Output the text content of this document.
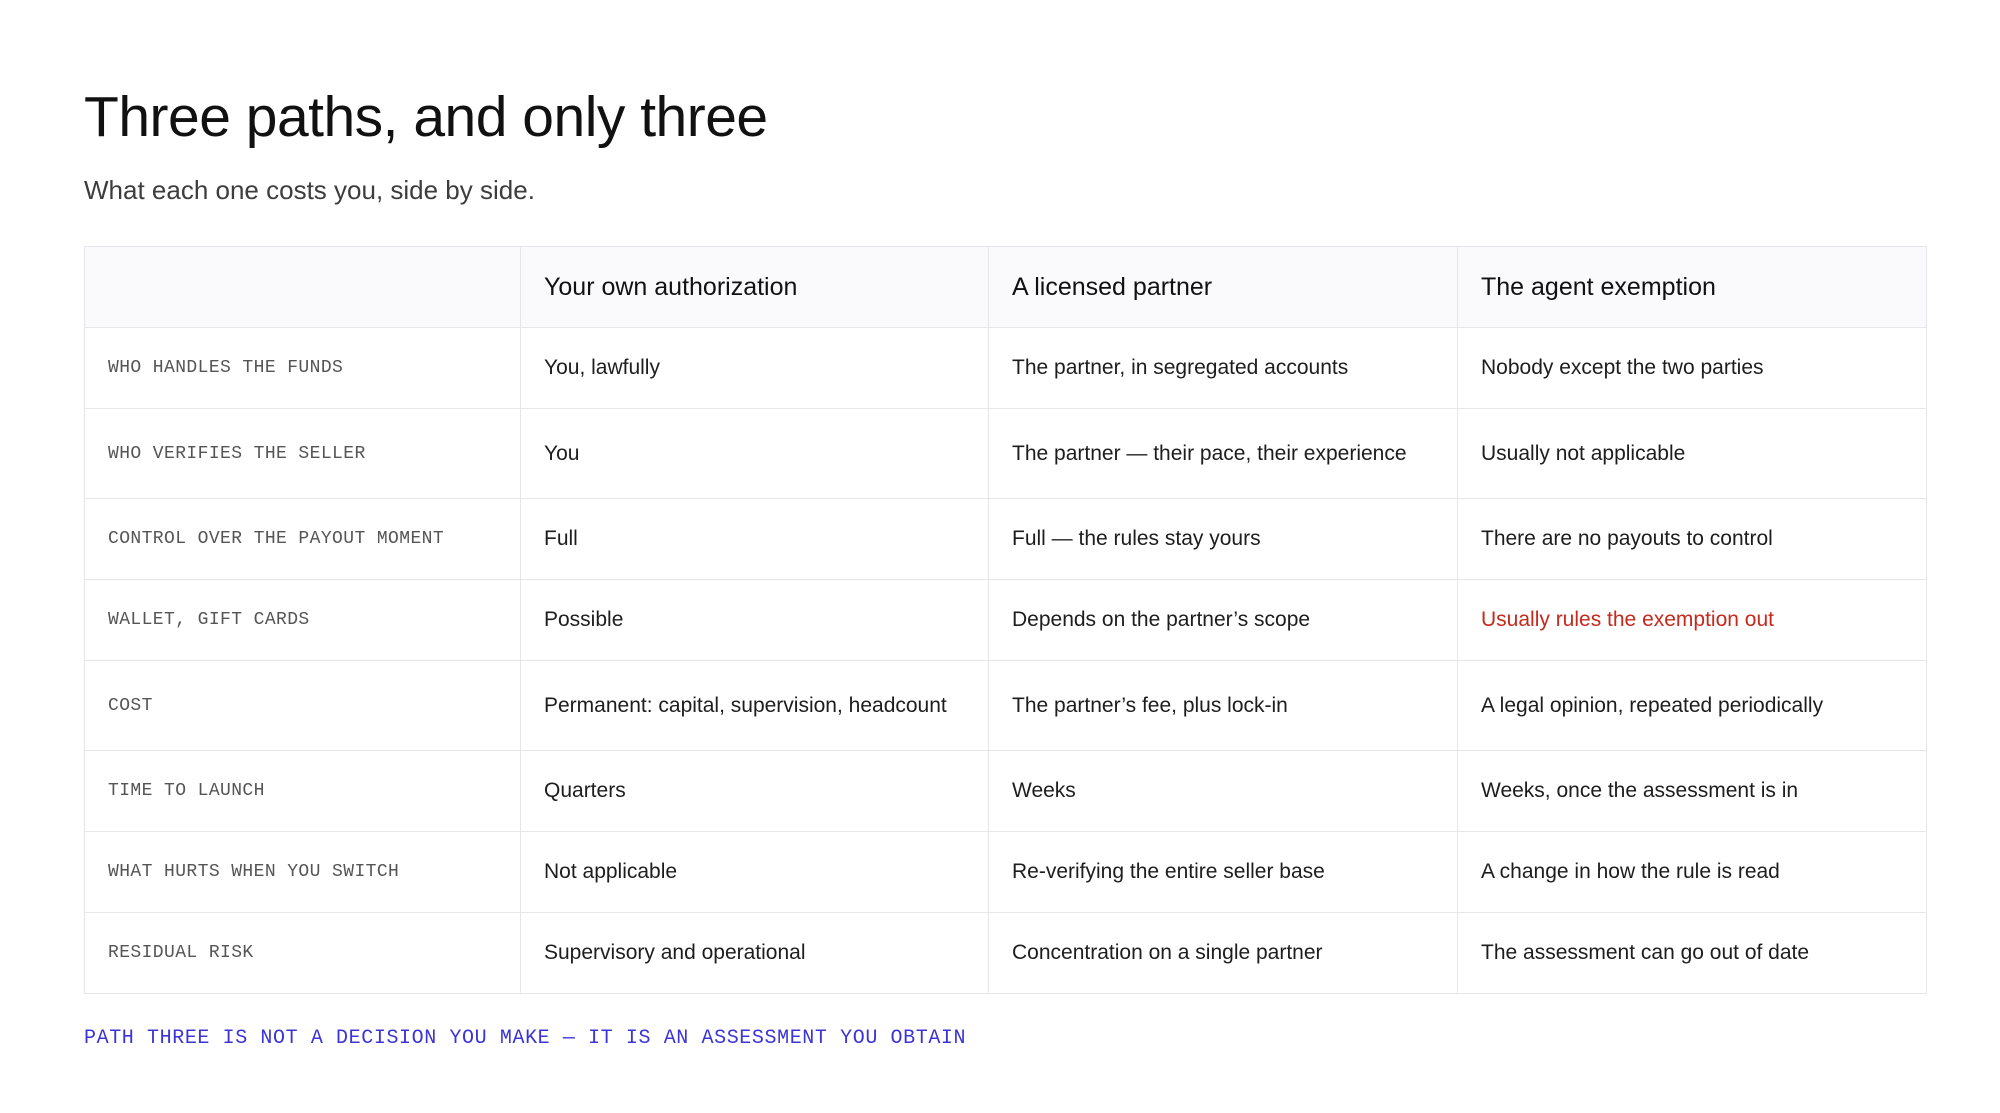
Three paths, and only three

What each one costs you, side by side.

	Your own authorization	A licensed partner	The agent exemption
WHO HANDLES THE FUNDS	You, lawfully	The partner, in segregated accounts	Nobody except the two parties
WHO VERIFIES THE SELLER	You	The partner — their pace, their experience	Usually not applicable
CONTROL OVER THE PAYOUT MOMENT	Full	Full — the rules stay yours	There are no payouts to control
WALLET, GIFT CARDS	Possible	Depends on the partner’s scope	Usually rules the exemption out
COST	Permanent: capital, supervision, headcount	The partner’s fee, plus lock-in	A legal opinion, repeated periodically
TIME TO LAUNCH	Quarters	Weeks	Weeks, once the assessment is in
WHAT HURTS WHEN YOU SWITCH	Not applicable	Re-verifying the entire seller base	A change in how the rule is read
RESIDUAL RISK	Supervisory and operational	Concentration on a single partner	The assessment can go out of date

PATH THREE IS NOT A DECISION YOU MAKE — IT IS AN ASSESSMENT YOU OBTAIN
